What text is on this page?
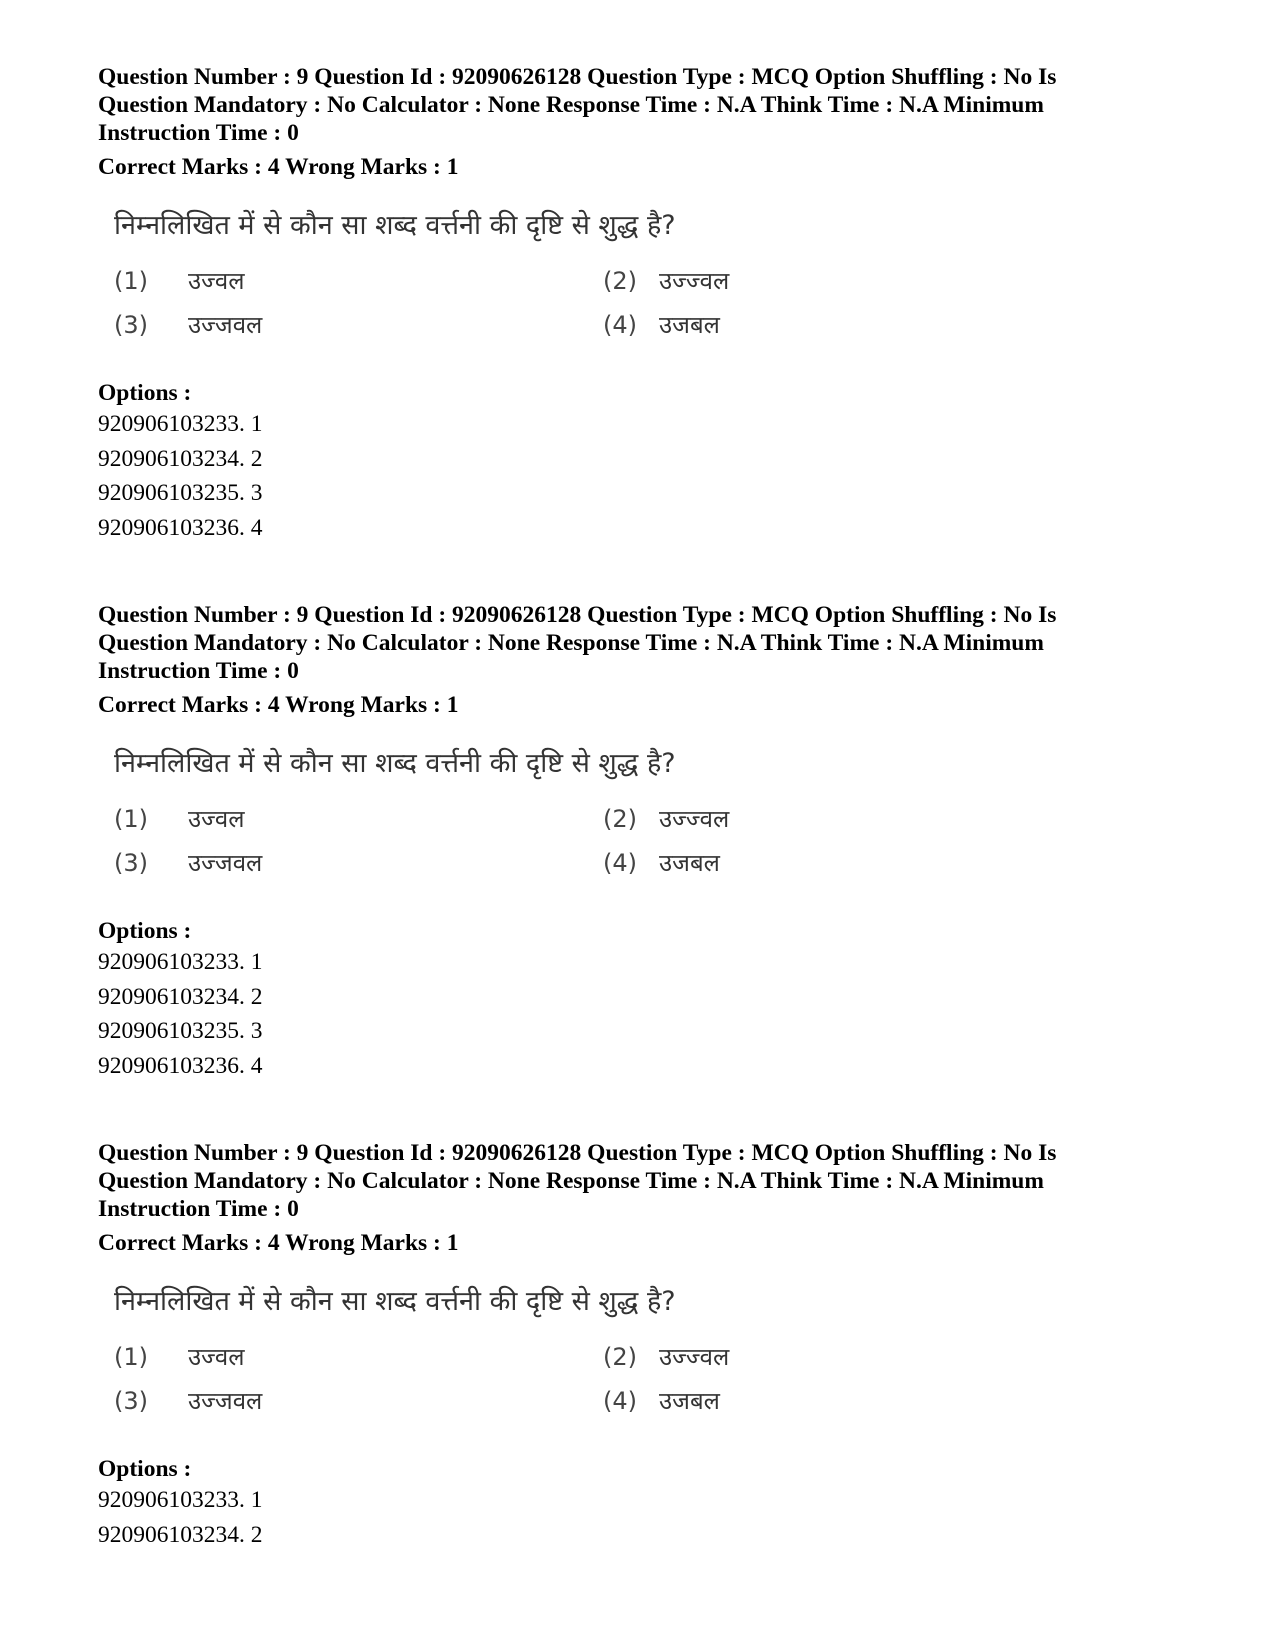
Question Number : 9 Question Id : 92090626128 Question Type : MCQ Option Shuffling : No Is
Question Mandatory : No Calculator : None Response Time : N.A Think Time : N.A Minimum
Instruction Time : 0
Correct Marks : 4 Wrong Marks : 1
निम्नलिखित में से कौन सा शब्द वर्त्तनी की दृष्टि से शुद्ध है?
(1) उज्वल	(2) उज्ज्वल
(3) उज्जवल	(4) उजबल
Options :
920906103233. 1
920906103234. 2
920906103235. 3
920906103236. 4
Question Number : 9 Question Id : 92090626128 Question Type : MCQ Option Shuffling : No Is
Question Mandatory : No Calculator : None Response Time : N.A Think Time : N.A Minimum
Instruction Time : 0
Correct Marks : 4 Wrong Marks : 1
निम्नलिखित में से कौन सा शब्द वर्त्तनी की दृष्टि से शुद्ध है?
(1) उज्वल	(2) उज्ज्वल
(3) उज्जवल	(4) उजबल
Options :
920906103233. 1
920906103234. 2
920906103235. 3
920906103236. 4
Question Number : 9 Question Id : 92090626128 Question Type : MCQ Option Shuffling : No Is
Question Mandatory : No Calculator : None Response Time : N.A Think Time : N.A Minimum
Instruction Time : 0
Correct Marks : 4 Wrong Marks : 1
निम्नलिखित में से कौन सा शब्द वर्त्तनी की दृष्टि से शुद्ध है?
(1) उज्वल	(2) उज्ज्वल
(3) उज्जवल	(4) उजबल
Options :
920906103233. 1
920906103234. 2
